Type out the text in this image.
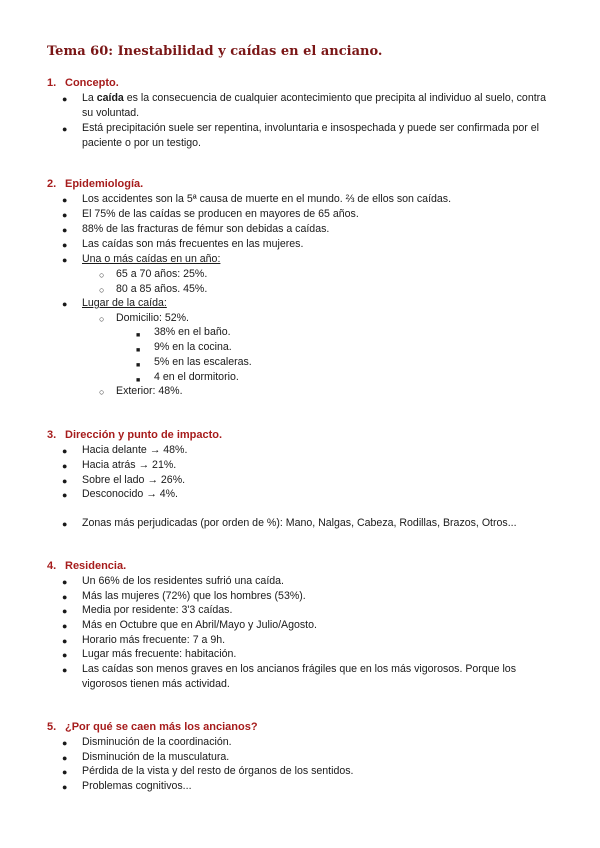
Tema 60: Inestabilidad y caídas en el anciano.
1. Concepto.
● La caída es la consecuencia de cualquier acontecimiento que precipita al individuo al suelo, contra su voluntad.
● Está precipitación suele ser repentina, involuntaria e insospechada y puede ser confirmada por el paciente o por un testigo.
2. Epidemiología.
● Los accidentes son la 5ª causa de muerte en el mundo. ⅔ de ellos son caídas.
● El 75% de las caídas se producen en mayores de 65 años.
● 88% de las fracturas de fémur son debidas a caídas.
● Las caídas son más frecuentes en las mujeres.
● Una o más caídas en un año:
○ 65 a 70 años: 25%.
○ 80 a 85 años. 45%.
● Lugar de la caída:
○ Domicilio: 52%.
■ 38% en el baño.
■ 9% en la cocina.
■ 5% en las escaleras.
■ 4 en el dormitorio.
○ Exterior: 48%.
3. Dirección y punto de impacto.
● Hacia delante → 48%.
● Hacia atrás → 21%.
● Sobre el lado → 26%.
● Desconocido → 4%.
● Zonas más perjudicadas (por orden de %): Mano, Nalgas, Cabeza, Rodillas, Brazos, Otros...
4. Residencia.
● Un 66% de los residentes sufrió una caída.
● Más las mujeres (72%) que los hombres (53%).
● Media por residente: 3'3 caídas.
● Más en Octubre que en Abril/Mayo y Julio/Agosto.
● Horario más frecuente: 7 a 9h.
● Lugar más frecuente: habitación.
● Las caídas son menos graves en los ancianos frágiles que en los más vigorosos. Porque los vigorosos tienen más actividad.
5. ¿Por qué se caen más los ancianos?
● Disminución de la coordinación.
● Disminución de la musculatura.
● Pérdida de la vista y del resto de órganos de los sentidos.
● Problemas cognitivos...
